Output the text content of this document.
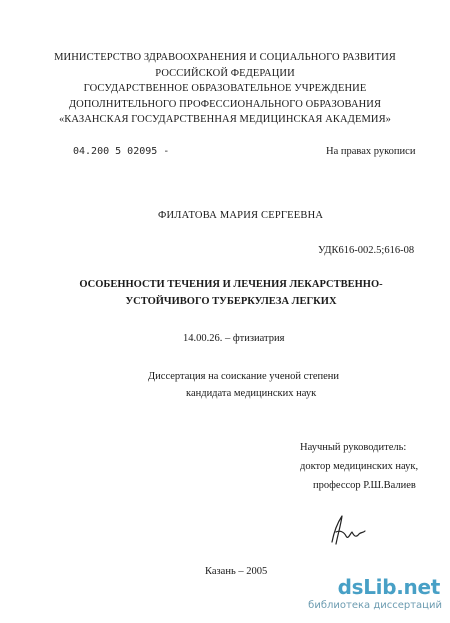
МИНИСТЕРСТВО ЗДРАВООХРАНЕНИЯ И СОЦИАЛЬНОГО РАЗВИТИЯ
РОССИЙСКОЙ ФЕДЕРАЦИИ
ГОСУДАРСТВЕННОЕ ОБРАЗОВАТЕЛЬНОЕ УЧРЕЖДЕНИЕ
ДОПОЛНИТЕЛЬНОГО ПРОФЕССИОНАЛЬНОГО ОБРАЗОВАНИЯ
«КАЗАНСКАЯ ГОСУДАРСТВЕННАЯ МЕДИЦИНСКАЯ АКАДЕМИЯ»
04.200 5 02095 -	На правах рукописи
ФИЛАТОВА МАРИЯ СЕРГЕЕВНА
УДК616-002.5;616-08
ОСОБЕННОСТИ ТЕЧЕНИЯ И ЛЕЧЕНИЯ ЛЕКАРСТВЕННО-
УСТОЙЧИВОГО ТУБЕРКУЛЕЗА ЛЕГКИХ
14.00.26. – фтизиатрия
Диссертация на соискание ученой степени
кандидата медицинских наук
Научный руководитель:
доктор медицинских наук,
профессор Р.Ш.Валиев
Казань – 2005
dsLib.net
библиотека диссертаций
